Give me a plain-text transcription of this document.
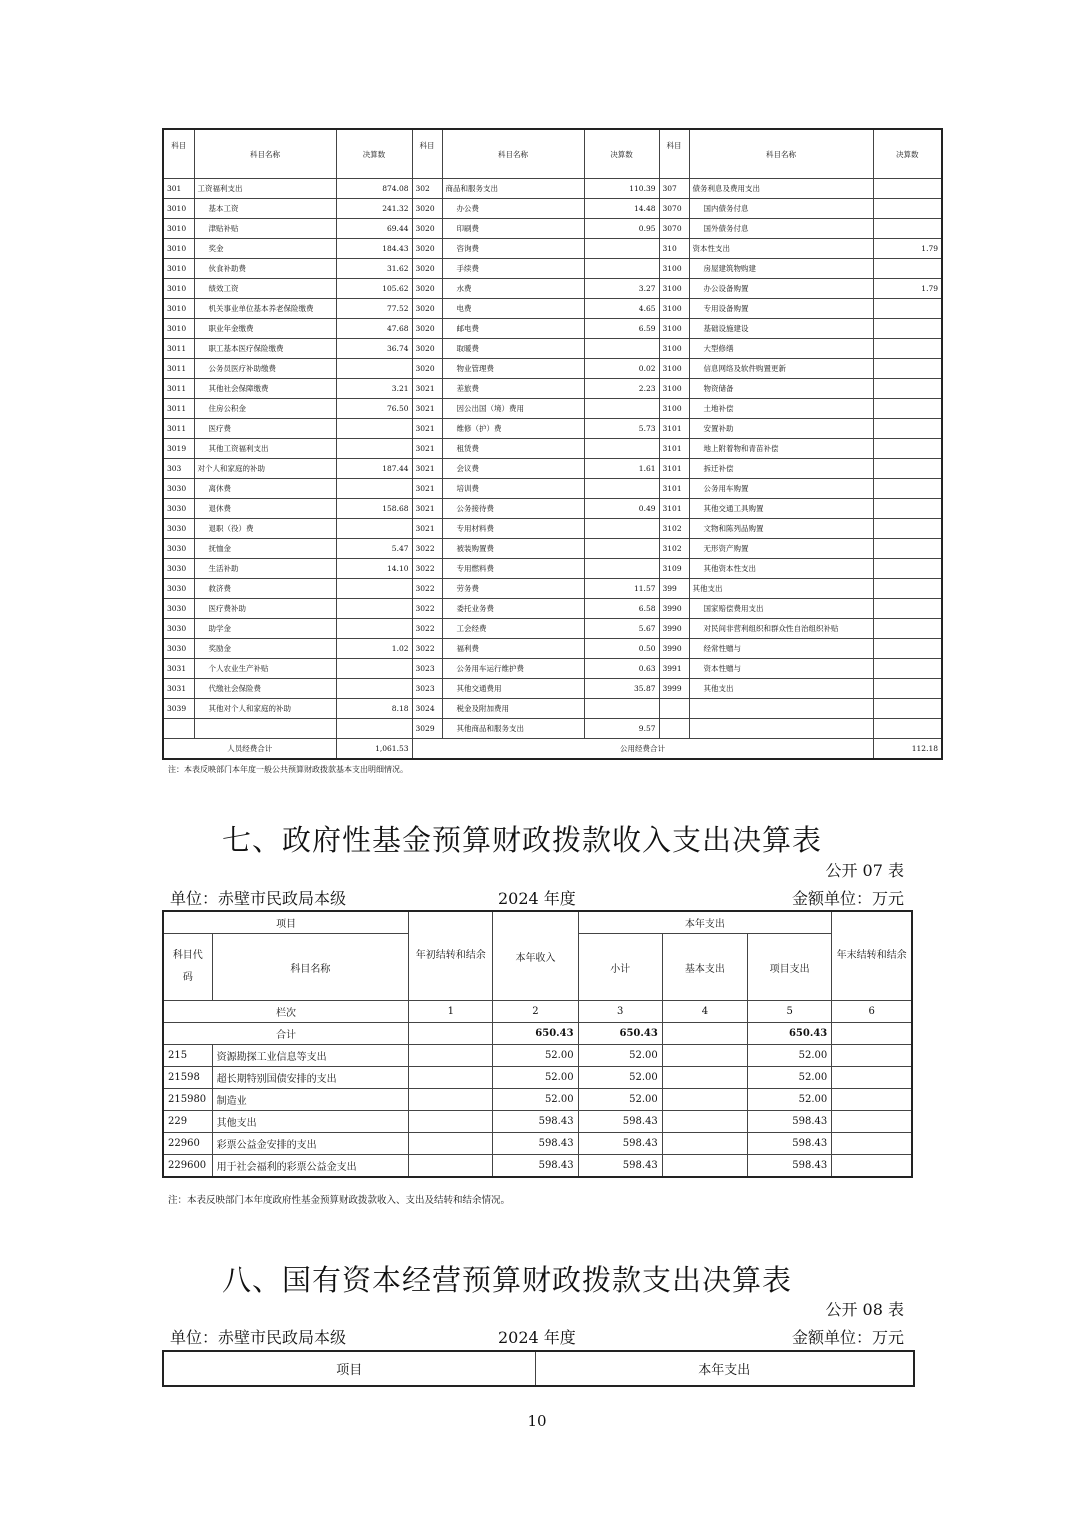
科目	科目名称	决算数	科目	科目名称	决算数	科目	科目名称	决算数
301	工资福利支出	874.08	302	商品和服务支出	110.39	307	债务利息及费用支出	
3010	基本工资	241.32	3020	办公费	14.48	3070	国内债务付息	
3010	津贴补贴	69.44	3020	印刷费	0.95	3070	国外债务付息	
3010	奖金	184.43	3020	咨询费		310	资本性支出	1.79
3010	伙食补助费	31.62	3020	手续费		3100	房屋建筑物购建	
3010	绩效工资	105.62	3020	水费	3.27	3100	办公设备购置	1.79
3010	机关事业单位基本养老保险缴费	77.52	3020	电费	4.65	3100	专用设备购置	
3010	职业年金缴费	47.68	3020	邮电费	6.59	3100	基础设施建设	
3011	职工基本医疗保险缴费	36.74	3020	取暖费		3100	大型修缮	
3011	公务员医疗补助缴费		3020	物业管理费	0.02	3100	信息网络及软件购置更新	
3011	其他社会保障缴费	3.21	3021	差旅费	2.23	3100	物资储备	
3011	住房公积金	76.50	3021	因公出国（境）费用		3100	土地补偿	
3011	医疗费		3021	维修（护）费	5.73	3101	安置补助	
3019	其他工资福利支出		3021	租赁费		3101	地上附着物和青苗补偿	
303	对个人和家庭的补助	187.44	3021	会议费	1.61	3101	拆迁补偿	
3030	离休费		3021	培训费		3101	公务用车购置	
3030	退休费	158.68	3021	公务接待费	0.49	3101	其他交通工具购置	
3030	退职（役）费		3021	专用材料费		3102	文物和陈列品购置	
3030	抚恤金	5.47	3022	被装购置费		3102	无形资产购置	
3030	生活补助	14.10	3022	专用燃料费		3109	其他资本性支出	
3030	救济费		3022	劳务费	11.57	399	其他支出	
3030	医疗费补助		3022	委托业务费	6.58	3990	国家赔偿费用支出	
3030	助学金		3022	工会经费	5.67	3990	对民间非营利组织和群众性自治组织补贴	
3030	奖励金	1.02	3022	福利费	0.50	3990	经常性赠与	
3031	个人农业生产补贴		3023	公务用车运行维护费	0.63	3991	资本性赠与	
3031	代缴社会保险费		3023	其他交通费用	35.87	3999	其他支出	
3039	其他对个人和家庭的补助	8.18	3024	税金及附加费用				
			3029	其他商品和服务支出	9.57			
人员经费合计		1,061.53	公用经费合计					112.18
注：本表反映部门本年度一般公共预算财政拨款基本支出明细情况。
七、政府性基金预算财政拨款收入支出决算表
公开 07 表
单位：赤壁市民政局本级	2024 年度	金额单位：万元
项目		年初结转和结余	本年收入	本年支出			年末结转和结余
科目代码	科目名称			小计	基本支出	项目支出	
栏次		1	2	3	4	5	6
合计			650.43	650.43		650.43	
215	资源勘探工业信息等支出		52.00	52.00		52.00	
21598	超长期特别国债安排的支出		52.00	52.00		52.00	
215980	制造业		52.00	52.00		52.00	
229	其他支出		598.43	598.43		598.43	
22960	彩票公益金安排的支出		598.43	598.43		598.43	
229600	用于社会福利的彩票公益金支出		598.43	598.43		598.43	
注：本表反映部门本年度政府性基金预算财政拨款收入、支出及结转和结余情况。
八、国有资本经营预算财政拨款支出决算表
公开 08 表
单位：赤壁市民政局本级	2024 年度	金额单位：万元
项目	本年支出
10
